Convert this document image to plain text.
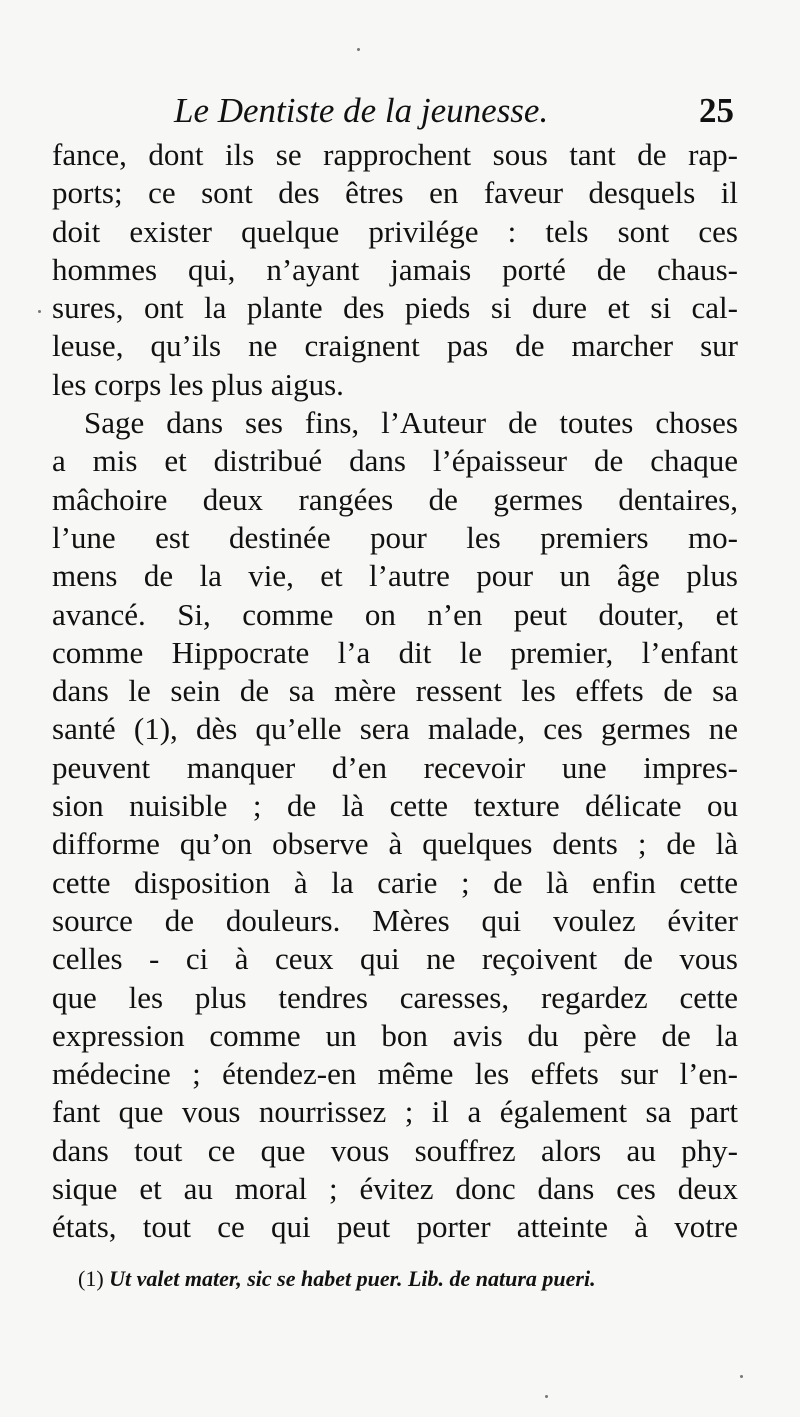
Le Dentiste de la jeunesse.	25
fance, dont ils se rapprochent sous tant de rap-
ports; ce sont des êtres en faveur desquels il
doit exister quelque privilége : tels sont ces
hommes qui, n’ayant jamais porté de chaus-
sures, ont la plante des pieds si dure et si cal-
leuse, qu’ils ne craignent pas de marcher sur
les corps les plus aigus.
Sage dans ses fins, l’Auteur de toutes choses
a mis et distribué dans l’épaisseur de chaque
mâchoire deux rangées de germes dentaires,
l’une est destinée pour les premiers mo-
mens de la vie, et l’autre pour un âge plus
avancé. Si, comme on n’en peut douter, et
comme Hippocrate l’a dit le premier, l’enfant
dans le sein de sa mère ressent les effets de sa
santé (1), dès qu’elle sera malade, ces germes ne
peuvent manquer d’en recevoir une impres-
sion nuisible ; de là cette texture délicate ou
difforme qu’on observe à quelques dents ; de là
cette disposition à la carie ; de là enfin cette
source de douleurs. Mères qui voulez éviter
celles - ci à ceux qui ne reçoivent de vous
que les plus tendres caresses, regardez cette
expression comme un bon avis du père de la
médecine ; étendez-en même les effets sur l’en-
fant que vous nourrissez ; il a également sa part
dans tout ce que vous souffrez alors au phy-
sique et au moral ; évitez donc dans ces deux
états, tout ce qui peut porter atteinte à votre
(1) Ut valet mater, sic se habet puer. Lib. de natura pueri.
